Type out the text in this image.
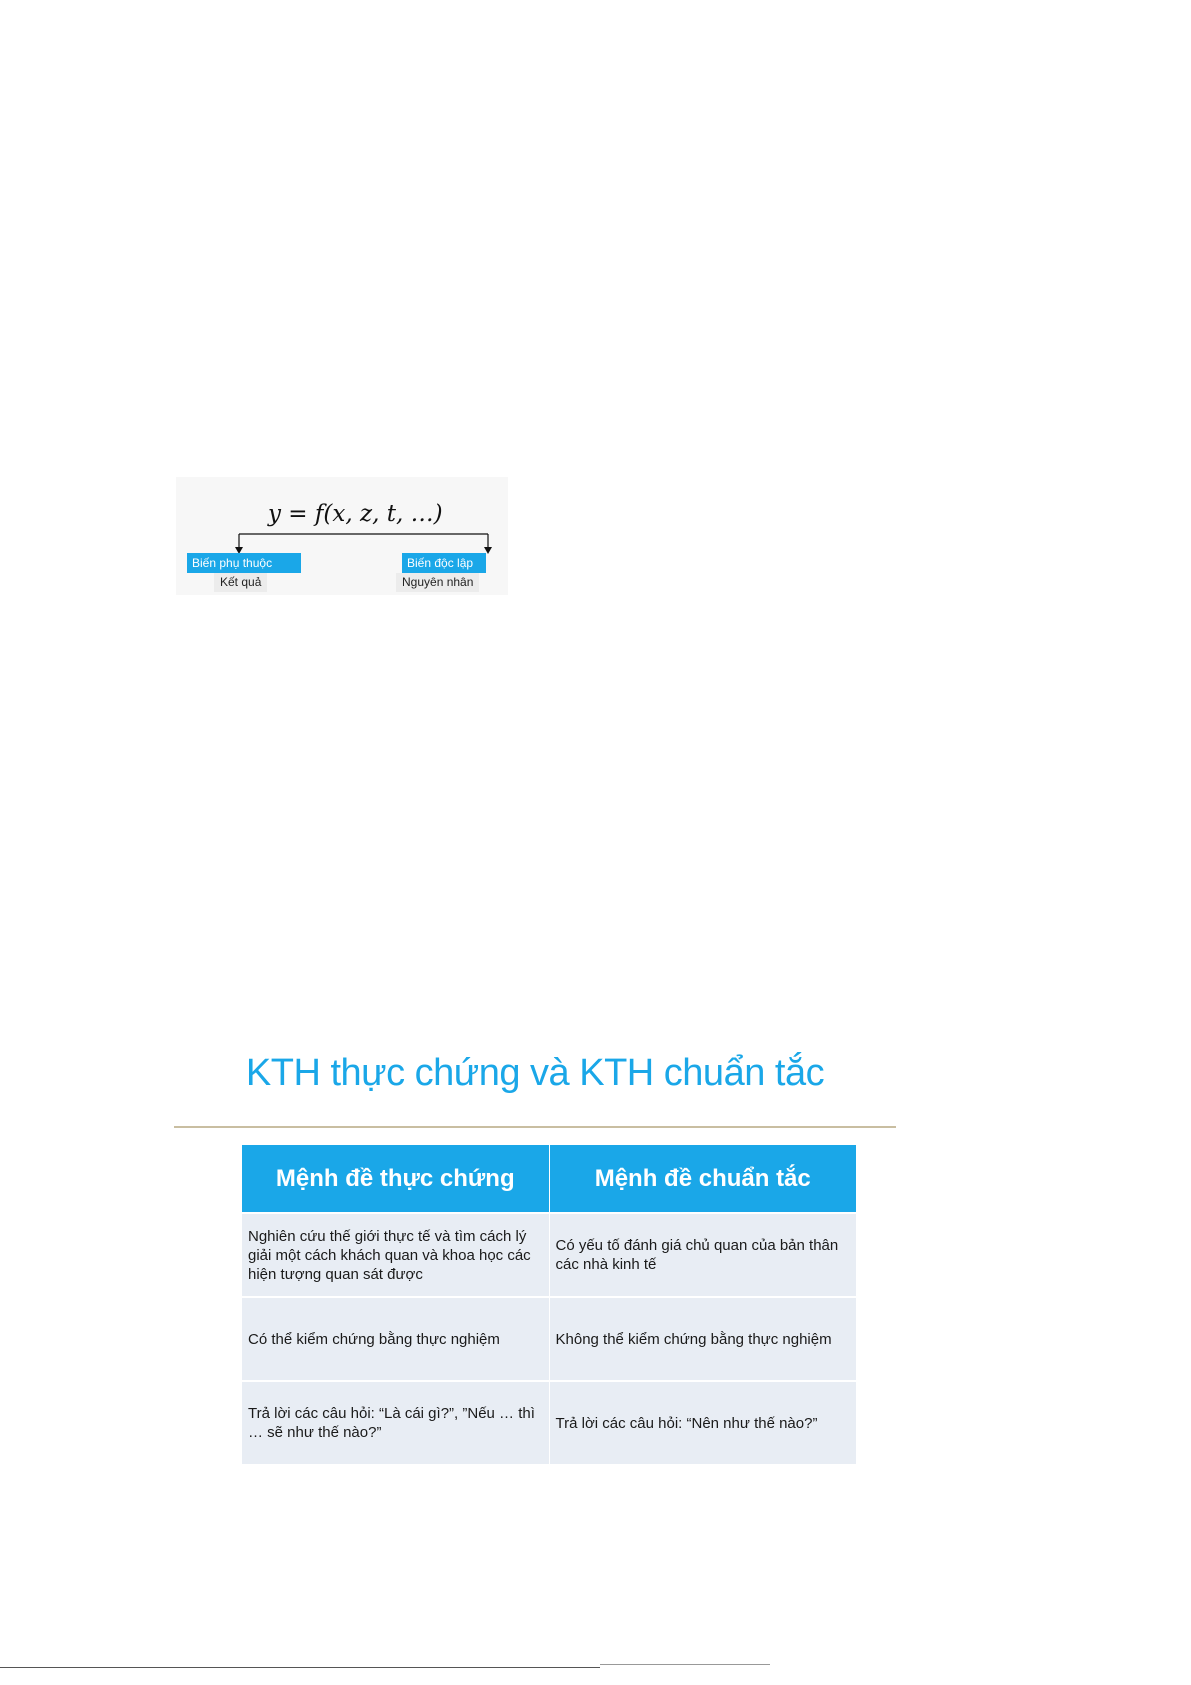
y = f(x, z, t, …)
Biến phụ thuộc
Kết quả
Biến độc lập
Nguyên nhân
KTH thực chứng và KTH chuẩn tắc
Mệnh đề thực chứng	Mệnh đề chuẩn tắc
Nghiên cứu thế giới thực tế và tìm cách lý giải một cách khách quan và khoa học các hiện tượng quan sát được	Có yếu tố đánh giá chủ quan của bản thân các nhà kinh tế
Có thể kiểm chứng bằng thực nghiệm	Không thể kiểm chứng bằng thực nghiệm
Trả lời các câu hỏi: “Là cái gì?”, ”Nếu … thì … sẽ như thế nào?”	Trả lời các câu hỏi: “Nên như thế nào?”
